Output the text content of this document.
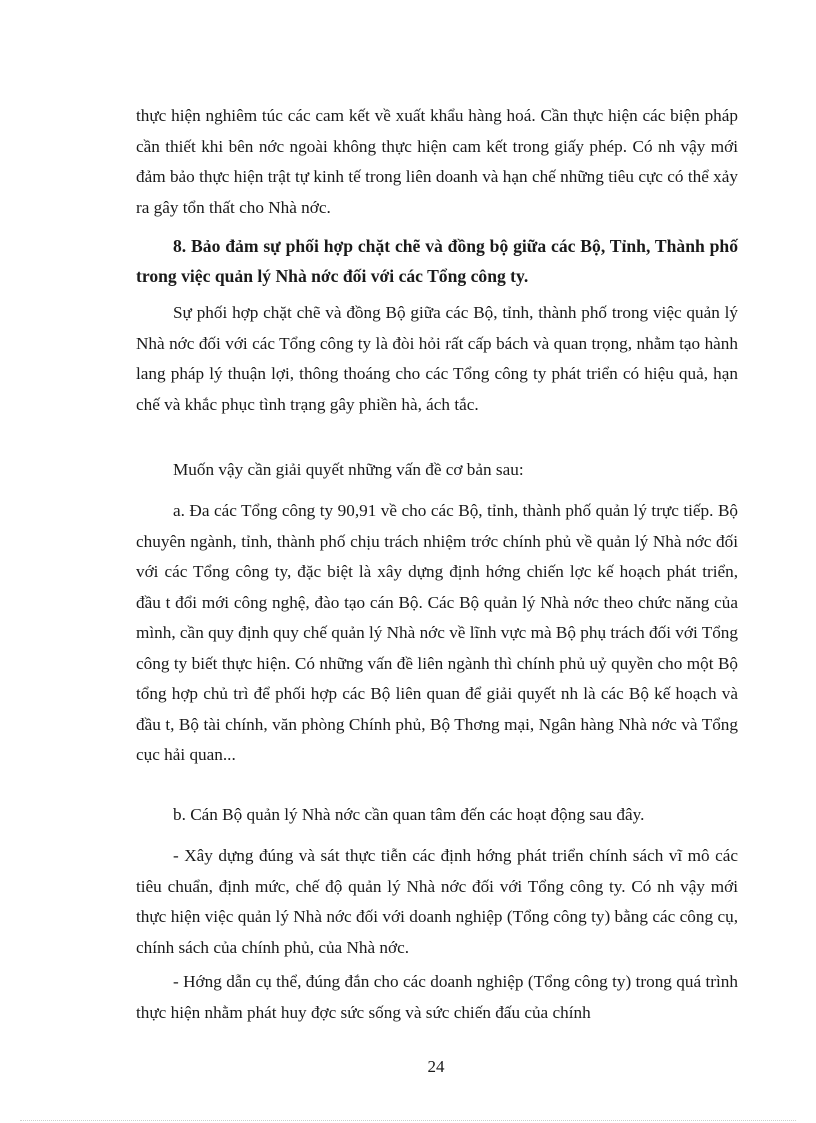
thực hiện nghiêm túc các cam kết về xuất khẩu hàng hoá. Cần thực hiện các biện pháp cần thiết khi bên nớc ngoài không thực hiện cam kết trong giấy phép. Có nh vậy mới đảm bảo thực hiện trật tự kinh tế trong liên doanh và hạn chế những tiêu cực có thể xảy ra gây tổn thất cho Nhà nớc.

8. Bảo đảm sự phối hợp chặt chẽ và đồng bộ giữa các Bộ, Tỉnh, Thành phố trong việc quản lý Nhà nớc đối với các Tổng công ty.

Sự phối hợp chặt chẽ và đồng Bộ giữa các Bộ, tỉnh, thành phố trong việc quản lý Nhà nớc đối với các Tổng công ty là đòi hỏi rất cấp bách và quan trọng, nhằm tạo hành lang pháp lý thuận lợi, thông thoáng cho các Tổng công ty phát triển có hiệu quả, hạn chế và khắc phục tình trạng gây phiền hà, ách tắc.

Muốn vậy cần giải quyết những vấn đề cơ bản sau:

a. Đa các Tổng công ty 90,91 về cho các Bộ, tỉnh, thành phố quản lý trực tiếp. Bộ chuyên ngành, tỉnh, thành phố chịu trách nhiệm trớc chính phủ về quản lý Nhà nớc đối với các Tổng công ty, đặc biệt là xây dựng định hớng chiến lợc kế hoạch phát triển, đầu t đổi mới công nghệ, đào tạo cán Bộ. Các Bộ quản lý Nhà nớc theo chức năng của mình, cần quy định quy chế quản lý Nhà nớc về lĩnh vực mà Bộ phụ trách đối với Tổng công ty biết thực hiện. Có những vấn đề liên ngành thì chính phủ uỷ quyền cho một Bộ tổng hợp chủ trì để phối hợp các Bộ liên quan để giải quyết nh là các Bộ kế hoạch và đầu t, Bộ tài chính, văn phòng Chính phủ, Bộ Thơng mại, Ngân hàng Nhà nớc và Tổng cục hải quan...

b. Cán Bộ quản lý Nhà nớc cần quan tâm đến các hoạt động sau đây.

- Xây dựng đúng và sát thực tiễn các định hớng phát triển chính sách vĩ mô các tiêu chuẩn, định mức, chế độ quản lý Nhà nớc đối với Tổng công ty. Có nh vậy mới thực hiện việc quản lý Nhà nớc đối với doanh nghiệp (Tổng công ty) bằng các công cụ, chính sách của chính phủ, của Nhà nớc.

- Hớng dẫn cụ thể, đúng đắn cho các doanh nghiệp (Tổng công ty) trong quá trình thực hiện nhằm phát huy đợc sức sống và sức chiến đấu của chính

24
